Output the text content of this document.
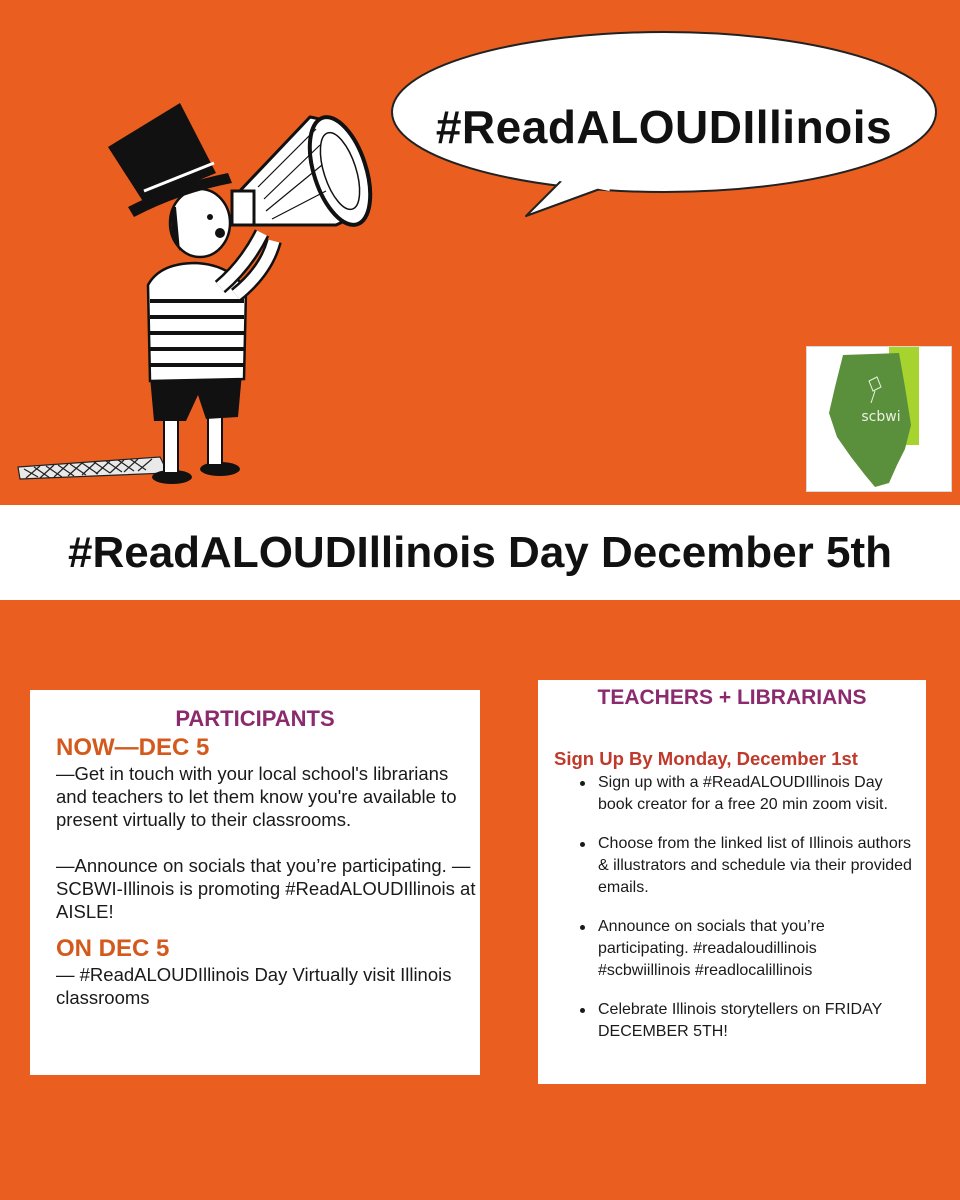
#ReadALOUDIllinois
scbwi
#ReadALOUDIllinois Day December 5th
PARTICIPANTS
NOW—DEC 5
—Get in touch with your local school's librarians and teachers to let them know you're available to present virtually to their classrooms.
—Announce on socials that you’re participating. —SCBWI-Illinois is promoting #ReadALOUDIllinois at AISLE!
ON DEC 5
— #ReadALOUDIllinois Day Virtually visit Illinois classrooms
TEACHERS + LIBRARIANS
Sign Up By Monday, December 1st
Sign up with a #ReadALOUDIllinois Day book creator for a free 20 min zoom visit.
Choose from the linked list of Illinois authors & illustrators and schedule via their provided emails.
Announce on socials that you’re participating. #readaloudillinois #scbwiillinois #readlocalillinois
Celebrate Illinois storytellers on FRIDAY DECEMBER 5TH!
